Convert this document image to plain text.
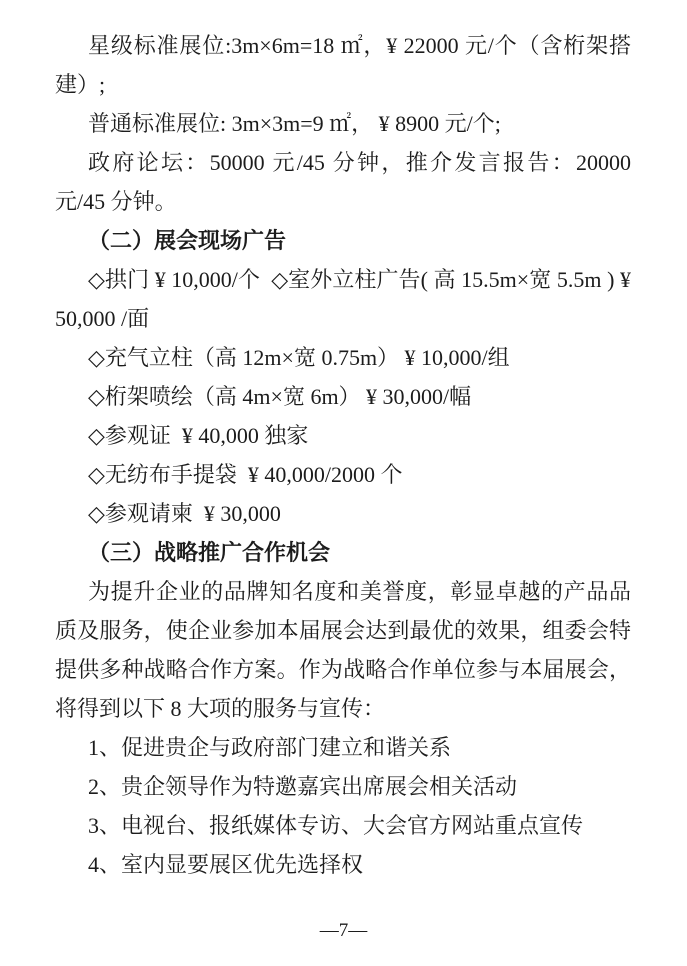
星级标准展位:3m×6m=18 ㎡，¥ 22000 元/个（含桁架搭建）;

普通标准展位: 3m×3m=9 ㎡， ¥ 8900 元/个;

政府论坛：50000 元/45 分钟，推介发言报告：20000 元/45 分钟。

（二）展会现场广告

◇拱门 ¥ 10,000/个  ◇室外立柱广告( 高 15.5m×宽 5.5m ) ¥ 50,000 /面

◇充气立柱（高 12m×宽 0.75m） ¥ 10,000/组

◇桁架喷绘（高 4m×宽 6m） ¥ 30,000/幅

◇参观证  ¥ 40,000 独家

◇无纺布手提袋  ¥ 40,000/2000 个

◇参观请柬  ¥ 30,000

（三）战略推广合作机会

为提升企业的品牌知名度和美誉度，彰显卓越的产品品质及服务，使企业参加本届展会达到最优的效果，组委会特提供多种战略合作方案。作为战略合作单位参与本届展会，将得到以下 8 大项的服务与宣传：

1、促进贵企与政府部门建立和谐关系

2、贵企领导作为特邀嘉宾出席展会相关活动

3、电视台、报纸媒体专访、大会官方网站重点宣传

4、室内显要展区优先选择权

—7—
